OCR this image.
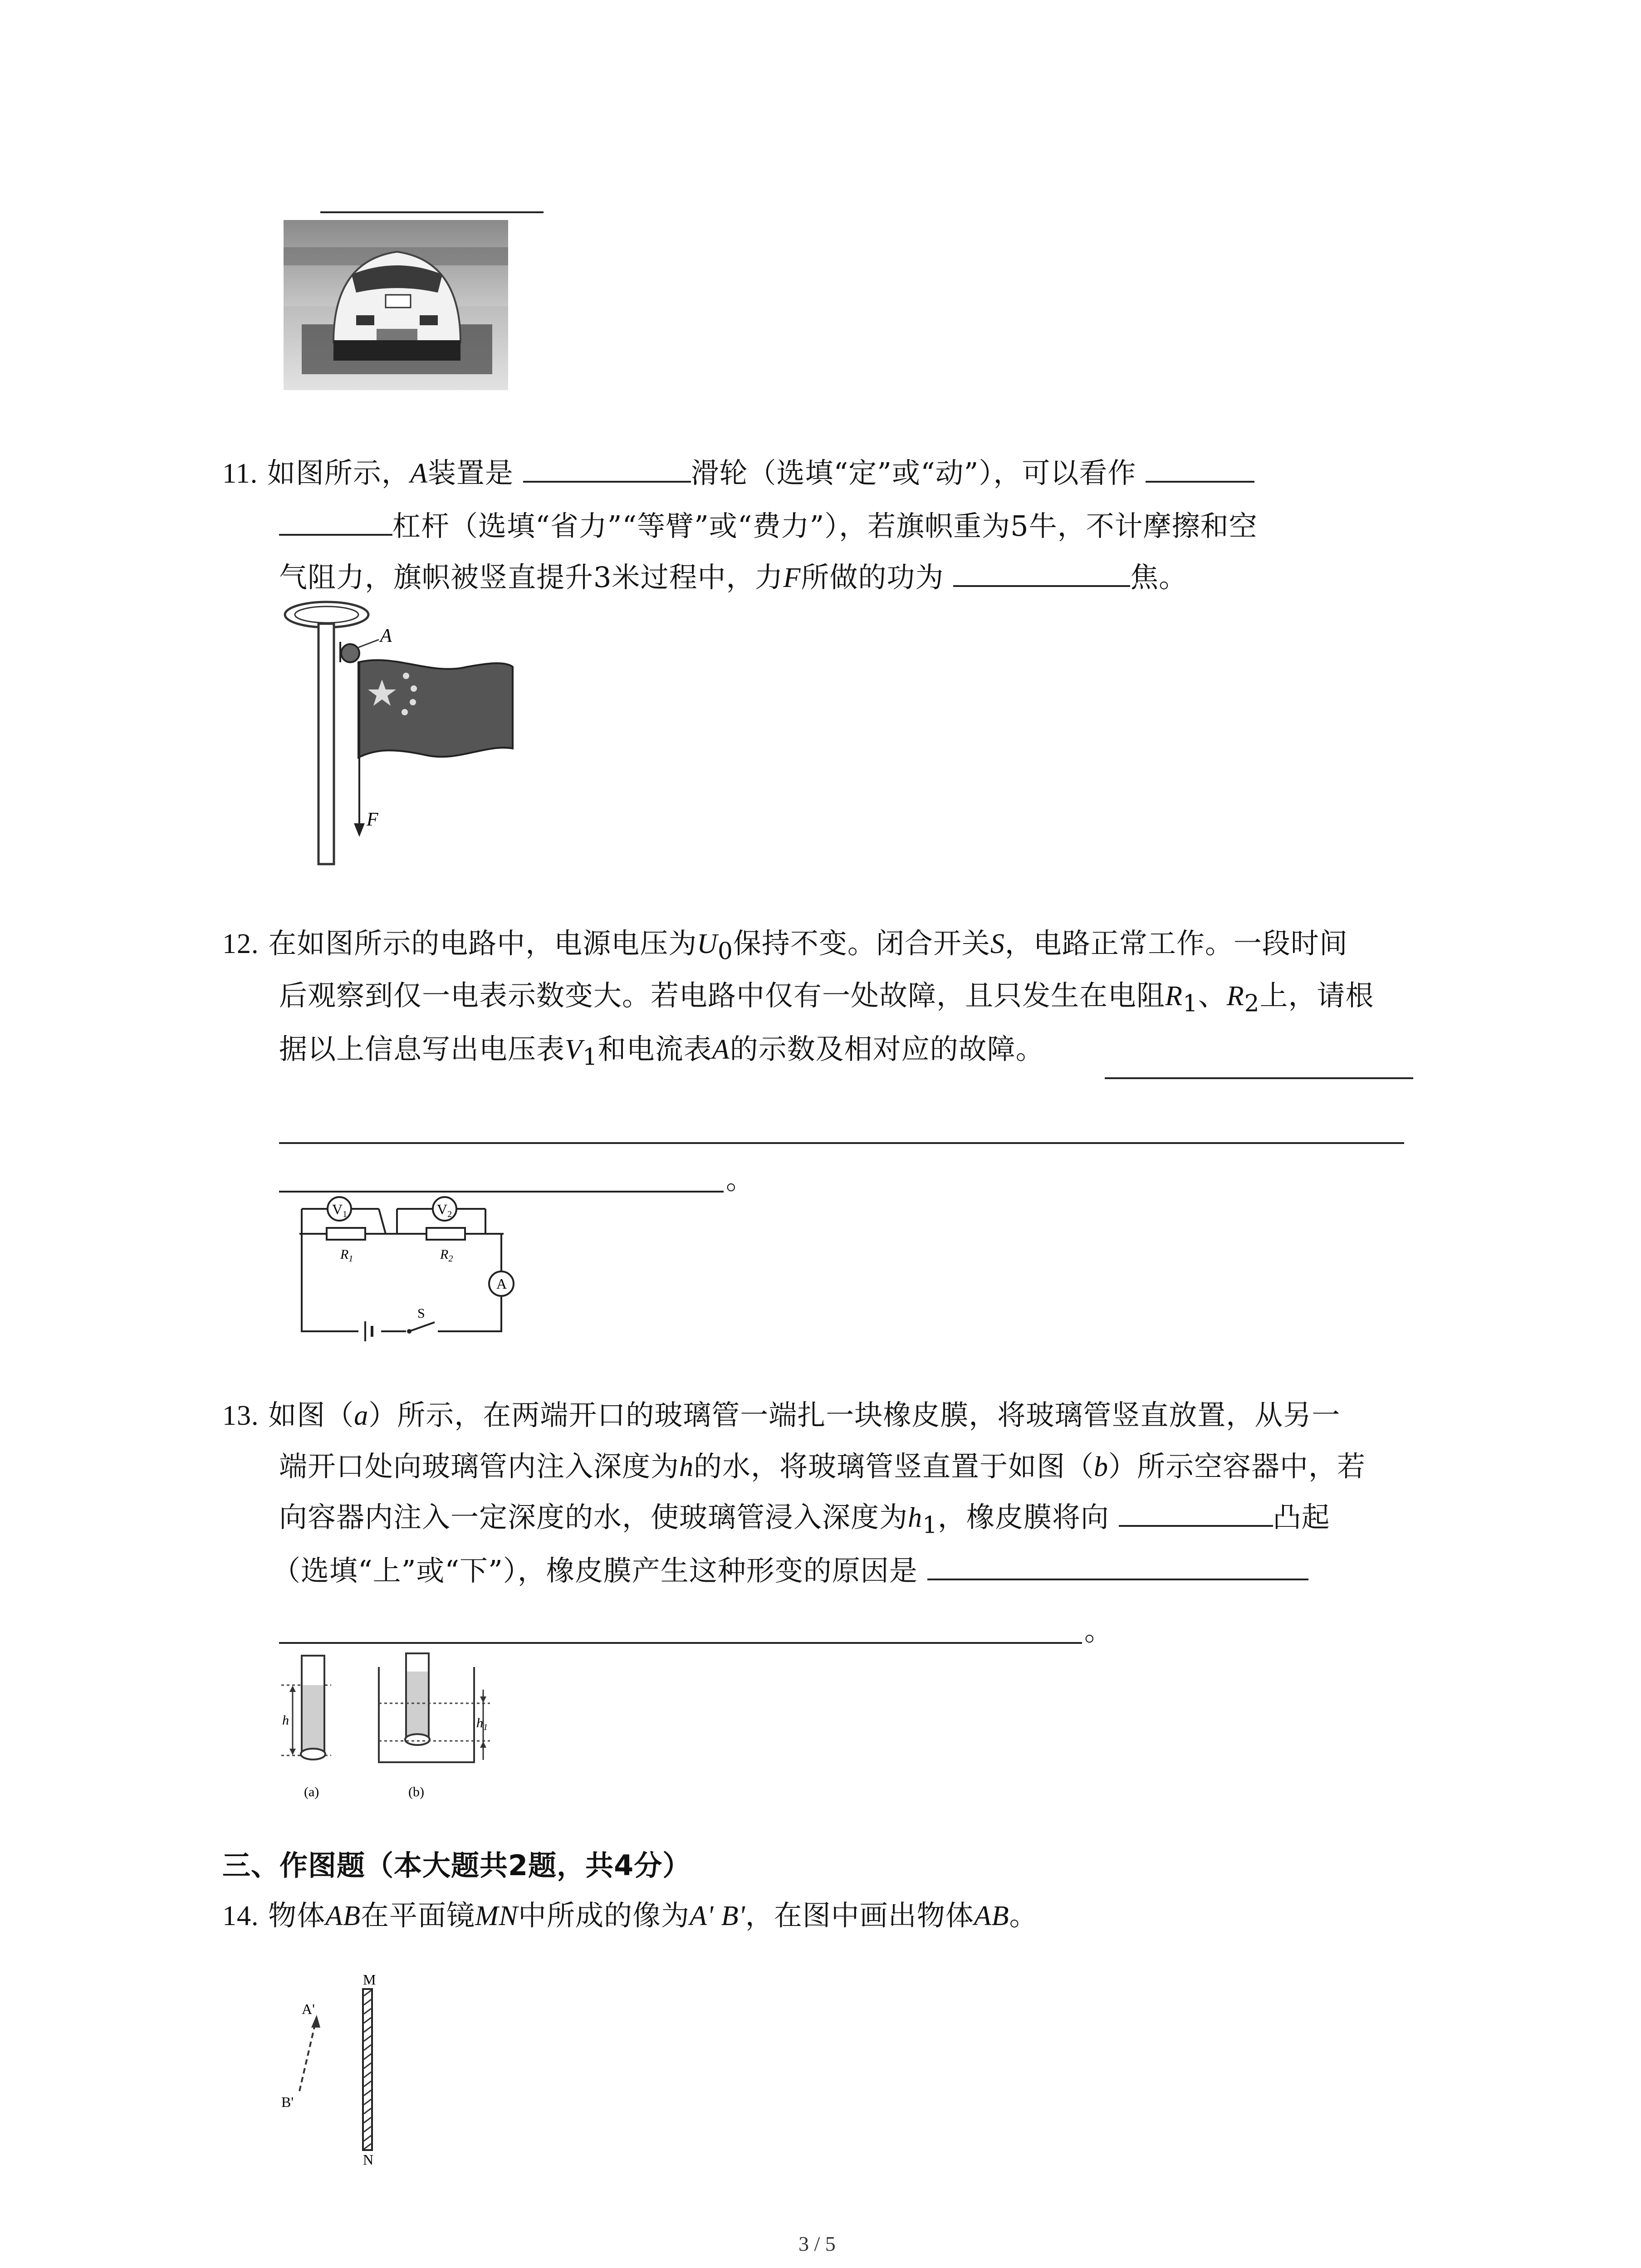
11. 如图所示，A装置是	滑轮（选填“定”或“动”），可以看作
杠杆（选填“省力”“等臂”或“费力”），若旗帜重为5牛，不计摩擦和空
气阻力，旗帜被竖直提升3米过程中，力F所做的功为	焦。
A
F
12. 在如图所示的电路中，电源电压为$U_0$保持不变。闭合开关S，电路正常工作。一段时间
后观察到仅一电表示数变大。若电路中仅有一处故障，且只发生在电阻$R_1$、$R_2$上，请根
据以上信息写出电压表$V_1$和电流表A的示数及相对应的故障。
。
V1	V2
$R_1$	$R_2$
A
S
13. 如图（a）所示，在两端开口的玻璃管一端扎一块橡皮膜，将玻璃管竖直放置，从另一
端开口处向玻璃管内注入深度为h的水，将玻璃管竖直置于如图（b）所示空容器中，若
向容器内注入一定深度的水，使玻璃管浸入深度为$h_1$，橡皮膜将向	凸起
（选填“上”或“下”），橡皮膜产生这种形变的原因是
。
h
(a)
$h_1$
(b)
三、作图题（本大题共2题，共4分）
14. 物体AB在平面镜MN中所成的像为A' B'，在图中画出物体AB。
M
N
A'
B'
3 / 5
